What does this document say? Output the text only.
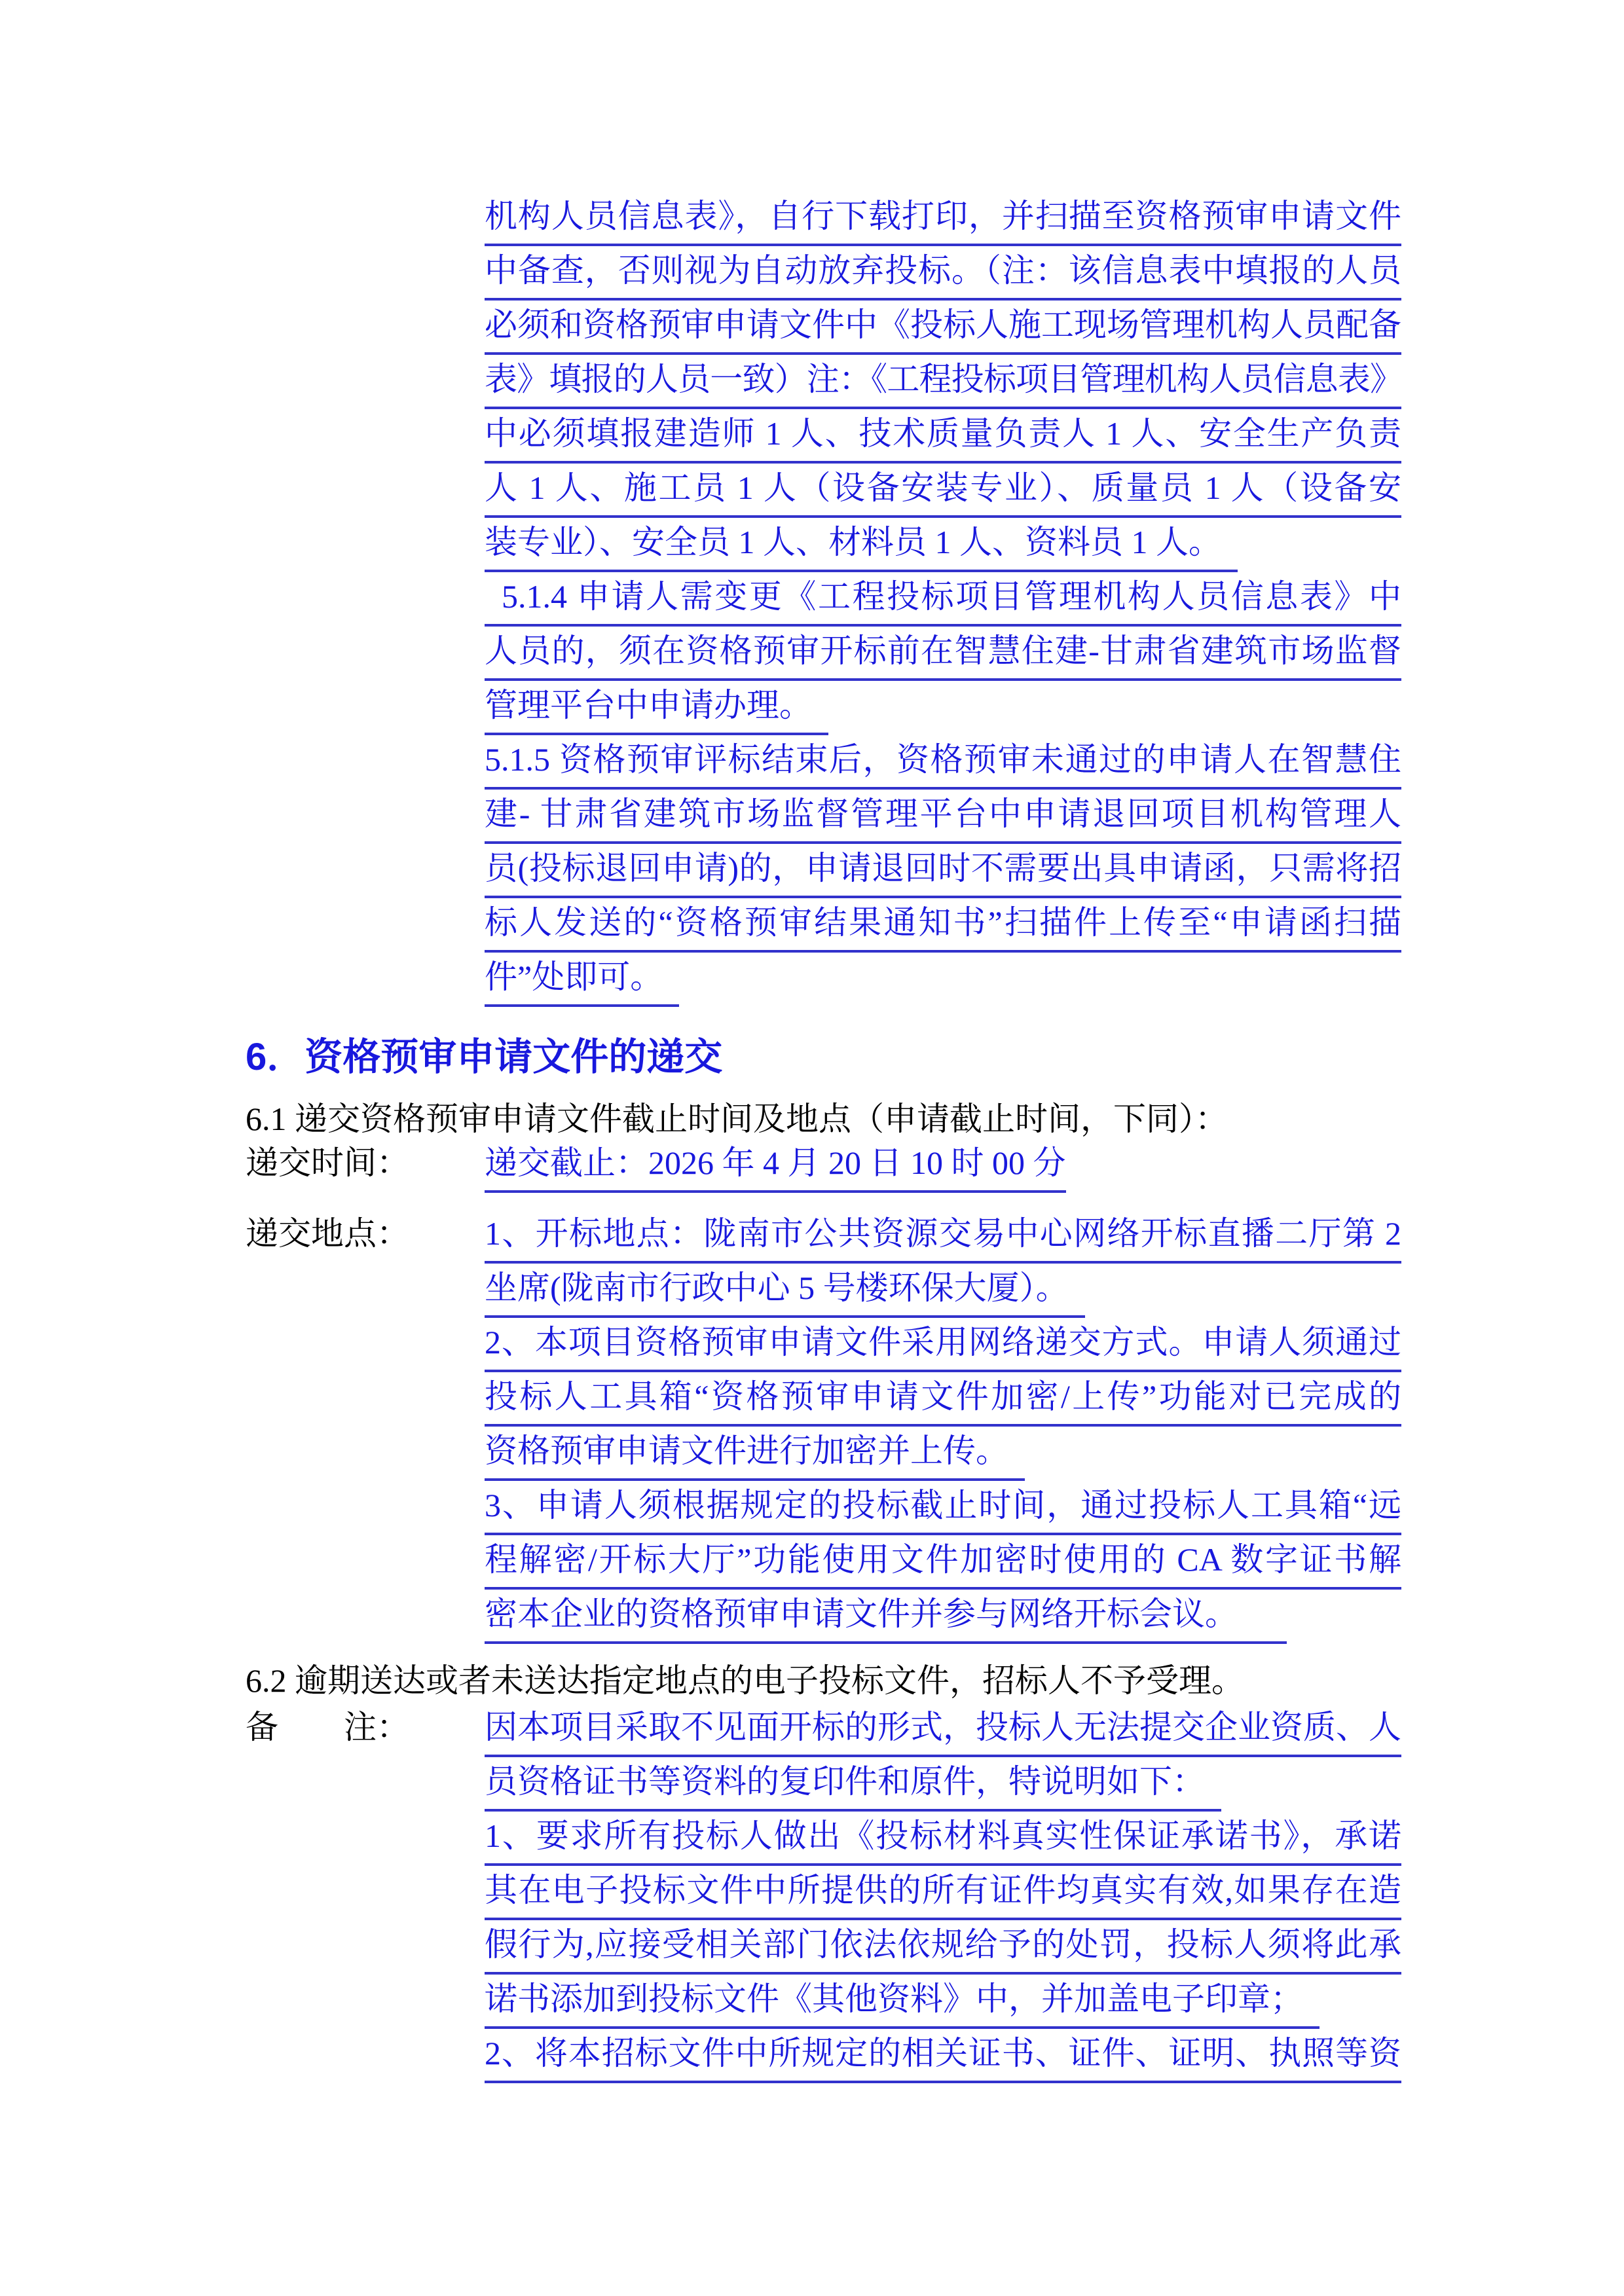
机构人员信息表》，自行下载打印，并扫描至资格预审申请文件
中备查，否则视为自动放弃投标。（注：该信息表中填报的人员
必须和资格预审申请文件中《投标人施工现场管理机构人员配备
表》填报的人员一致）注：《工程投标项目管理机构人员信息表》
中必须填报建造师 1 人、技术质量负责人 1 人、安全生产负责
人 1 人、施工员 1 人（设备安装专业）、质量员 1 人（设备安
装专业）、安全员 1 人、材料员 1 人、资料员 1 人。　
5.1.4 申请人需变更《工程投标项目管理机构人员信息表》中
人员的，须在资格预审开标前在智慧住建-甘肃省建筑市场监督
管理平台中申请办理。　
5.1.5 资格预审评标结束后，资格预审未通过的申请人在智慧住
建- 甘肃省建筑市场监督管理平台中申请退回项目机构管理人
员(投标退回申请)的，申请退回时不需要出具申请函，只需将招
标人发送的“资格预审结果通知书”扫描件上传至“申请函扫描
件”处即可。　
6．资格预审申请文件的递交
6.1 递交资格预审申请文件截止时间及地点（申请截止时间，下同）：
递交时间： 递交截止：2026 年 4 月 20 日 10 时 00 分
递交地点： 1、开标地点：陇南市公共资源交易中心网络开标直播二厅第 2
坐席(陇南市行政中心 5 号楼环保大厦）。　
2、本项目资格预审申请文件采用网络递交方式。申请人须通过
投标人工具箱“资格预审申请文件加密/上传”功能对已完成的
资格预审申请文件进行加密并上传。　
3、申请人须根据规定的投标截止时间，通过投标人工具箱“远
程解密/开标大厅”功能使用文件加密时使用的 CA 数字证书解
密本企业的资格预审申请文件并参与网络开标会议。　　
6.2 逾期送达或者未送达指定地点的电子投标文件，招标人不予受理。
备　　注： 因本项目采取不见面开标的形式，投标人无法提交企业资质、人
员资格证书等资料的复印件和原件，特说明如下：　
1、要求所有投标人做出《投标材料真实性保证承诺书》，承诺
其在电子投标文件中所提供的所有证件均真实有效,如果存在造
假行为,应接受相关部门依法依规给予的处罚，投标人须将此承
诺书添加到投标文件《其他资料》中，并加盖电子印章；　
2、将本招标文件中所规定的相关证书、证件、证明、执照等资
